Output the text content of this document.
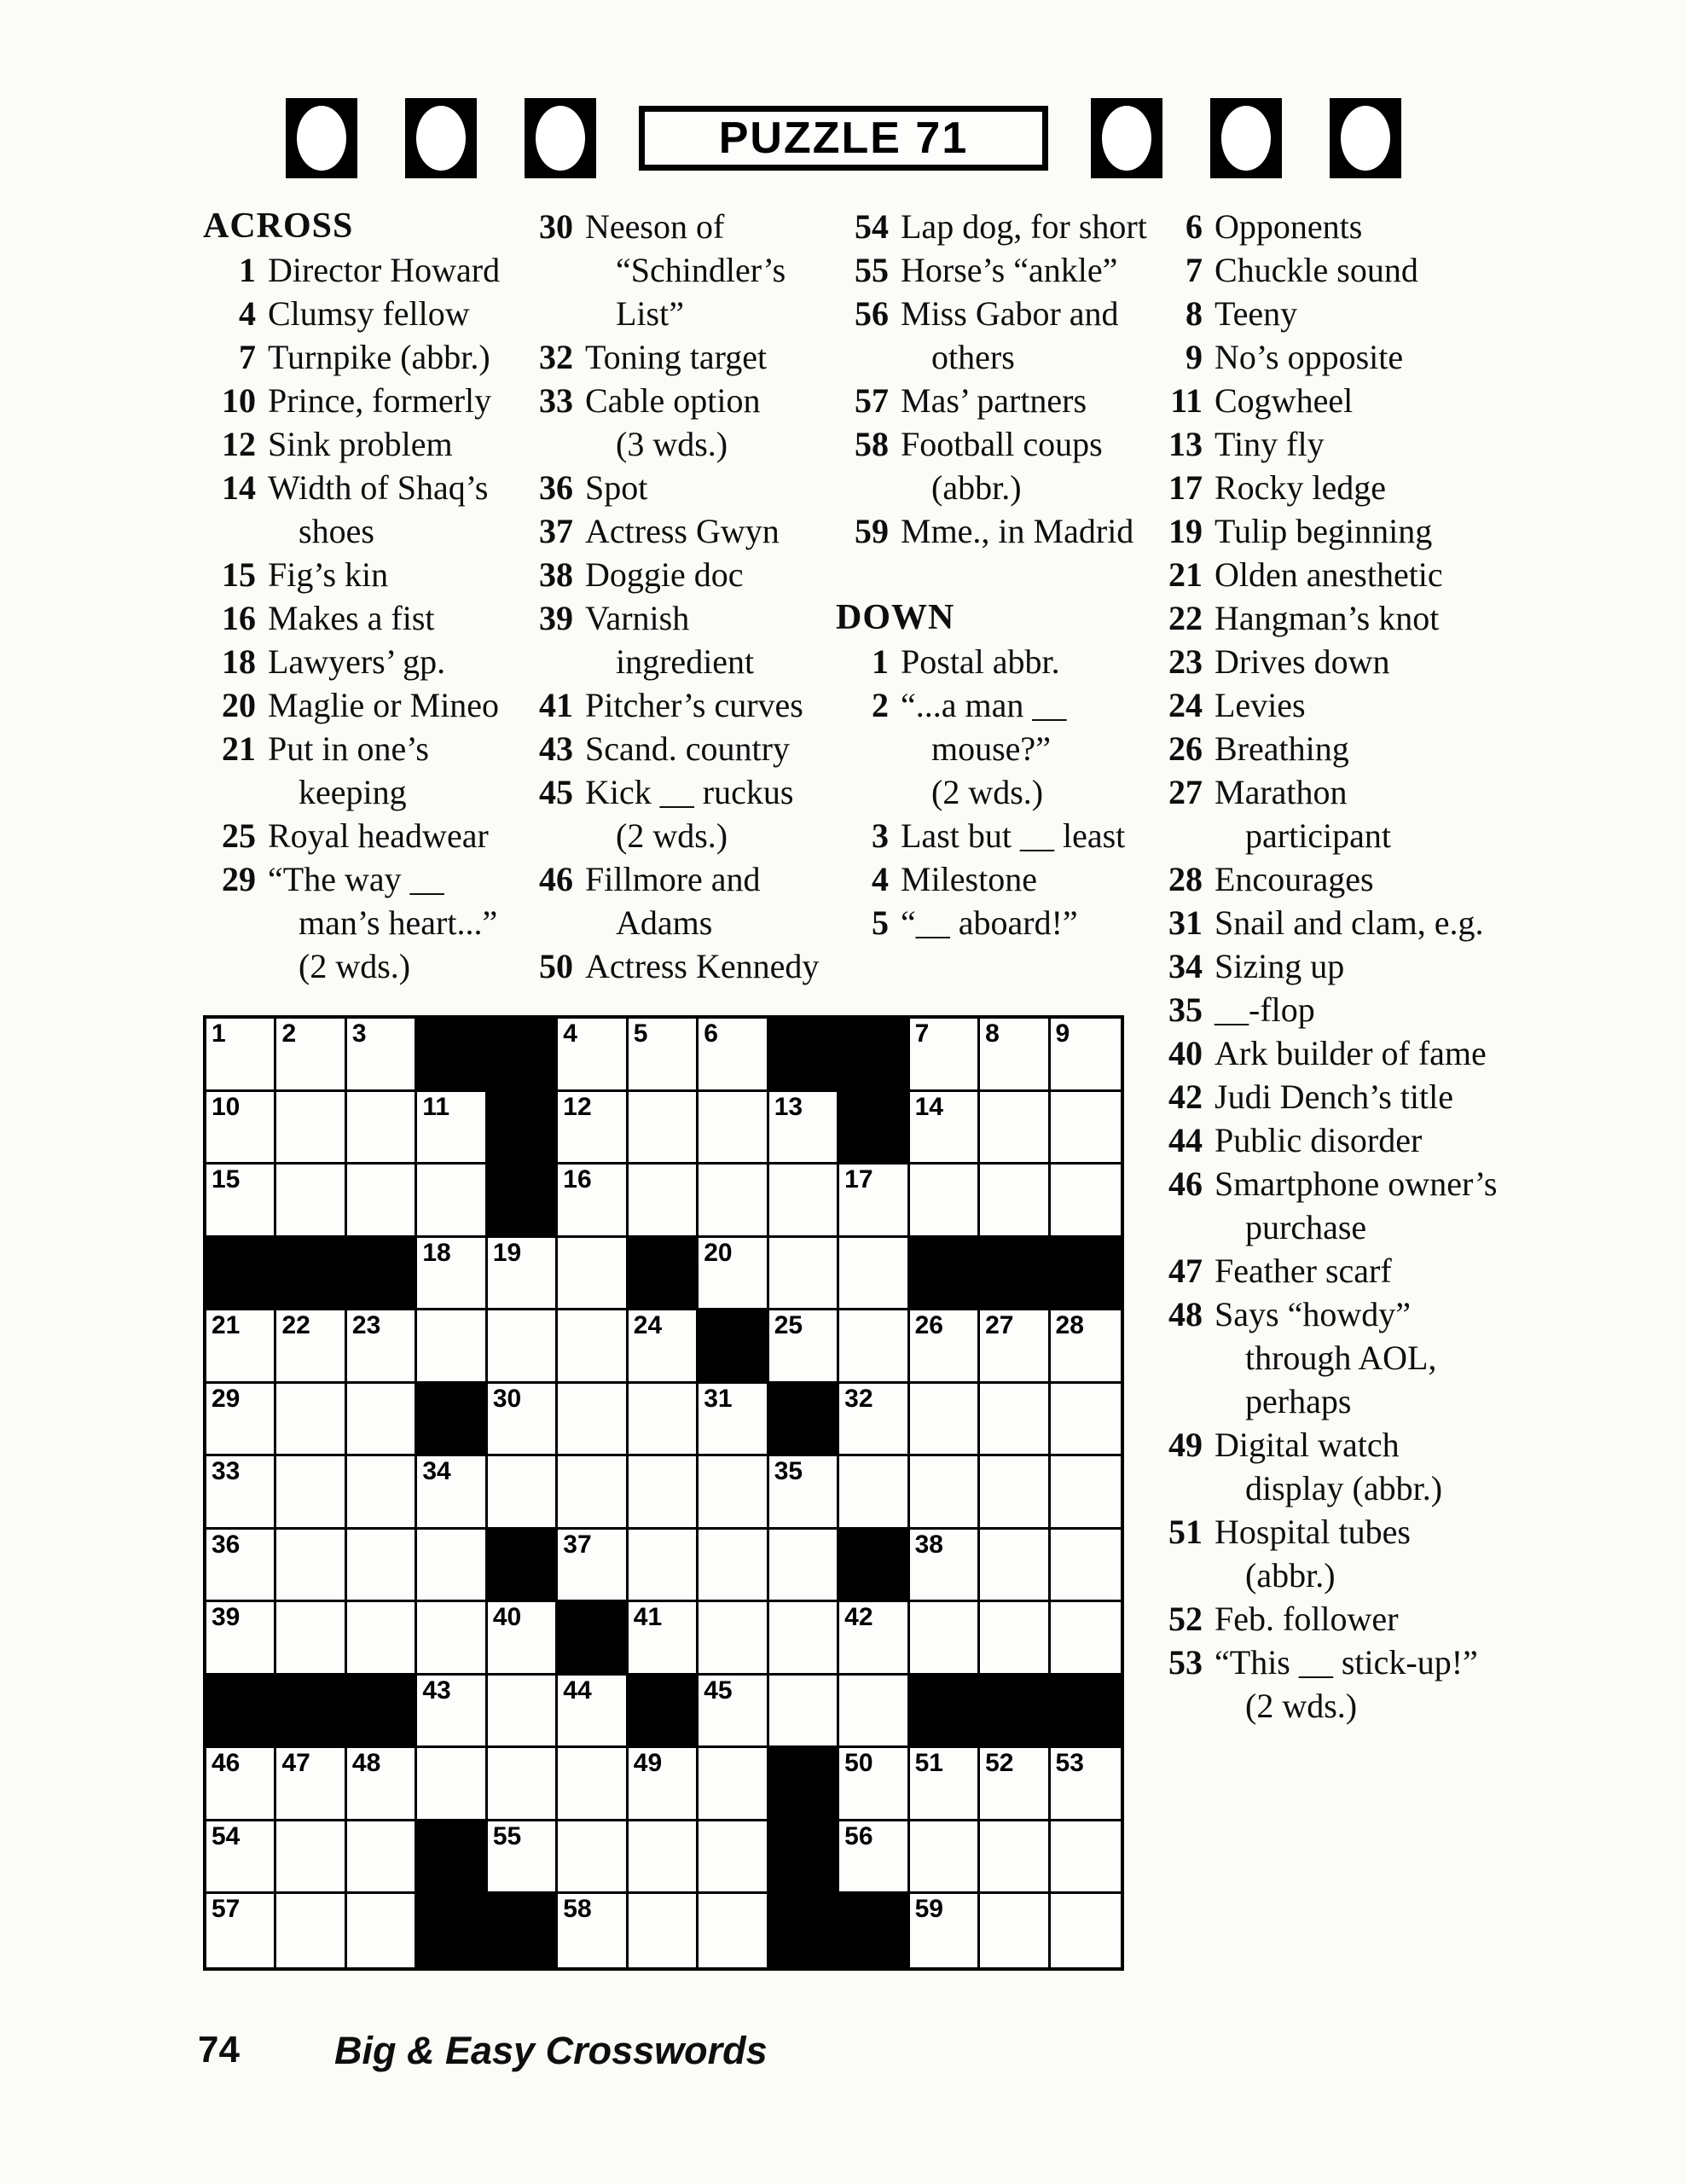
PUZZLE 71
ACROSS
1 Director Howard
4 Clumsy fellow
7 Turnpike (abbr.)
10 Prince, formerly
12 Sink problem
14 Width of Shaq’s shoes
15 Fig’s kin
16 Makes a fist
18 Lawyers’ gp.
20 Maglie or Mineo
21 Put in one’s keeping
25 Royal headwear
29 “The way __ man’s heart...” (2 wds.)
30 Neeson of “Schindler’s List”
32 Toning target
33 Cable option (3 wds.)
36 Spot
37 Actress Gwyn
38 Doggie doc
39 Varnish ingredient
41 Pitcher’s curves
43 Scand. country
45 Kick __ ruckus (2 wds.)
46 Fillmore and Adams
50 Actress Kennedy
54 Lap dog, for short
55 Horse’s “ankle”
56 Miss Gabor and others
57 Mas’ partners
58 Football coups (abbr.)
59 Mme., in Madrid
DOWN
1 Postal abbr.
2 “...a man __ mouse?” (2 wds.)
3 Last but __ least
4 Milestone
5 “__ aboard!”
6 Opponents
7 Chuckle sound
8 Teeny
9 No’s opposite
11 Cogwheel
13 Tiny fly
17 Rocky ledge
19 Tulip beginning
21 Olden anesthetic
22 Hangman’s knot
23 Drives down
24 Levies
26 Breathing
27 Marathon participant
28 Encourages
31 Snail and clam, e.g.
34 Sizing up
35 __-flop
40 Ark builder of fame
42 Judi Dench’s title
44 Public disorder
46 Smartphone owner’s purchase
47 Feather scarf
48 Says “howdy” through AOL, perhaps
49 Digital watch display (abbr.)
51 Hospital tubes (abbr.)
52 Feb. follower
53 “This __ stick-up!” (2 wds.)
1 2 3	4 5 6	7 8 9
10	11	12	13	14
15	16	17
18 19	20
21 22 23	24	25	26 27 28
29	30	31	32
33	34	35
36	37	38
39	40	41	42
43	44	45
46 47 48	49	50 51 52 53
54	55	56
57	58	59
74 Big & Easy Crosswords
